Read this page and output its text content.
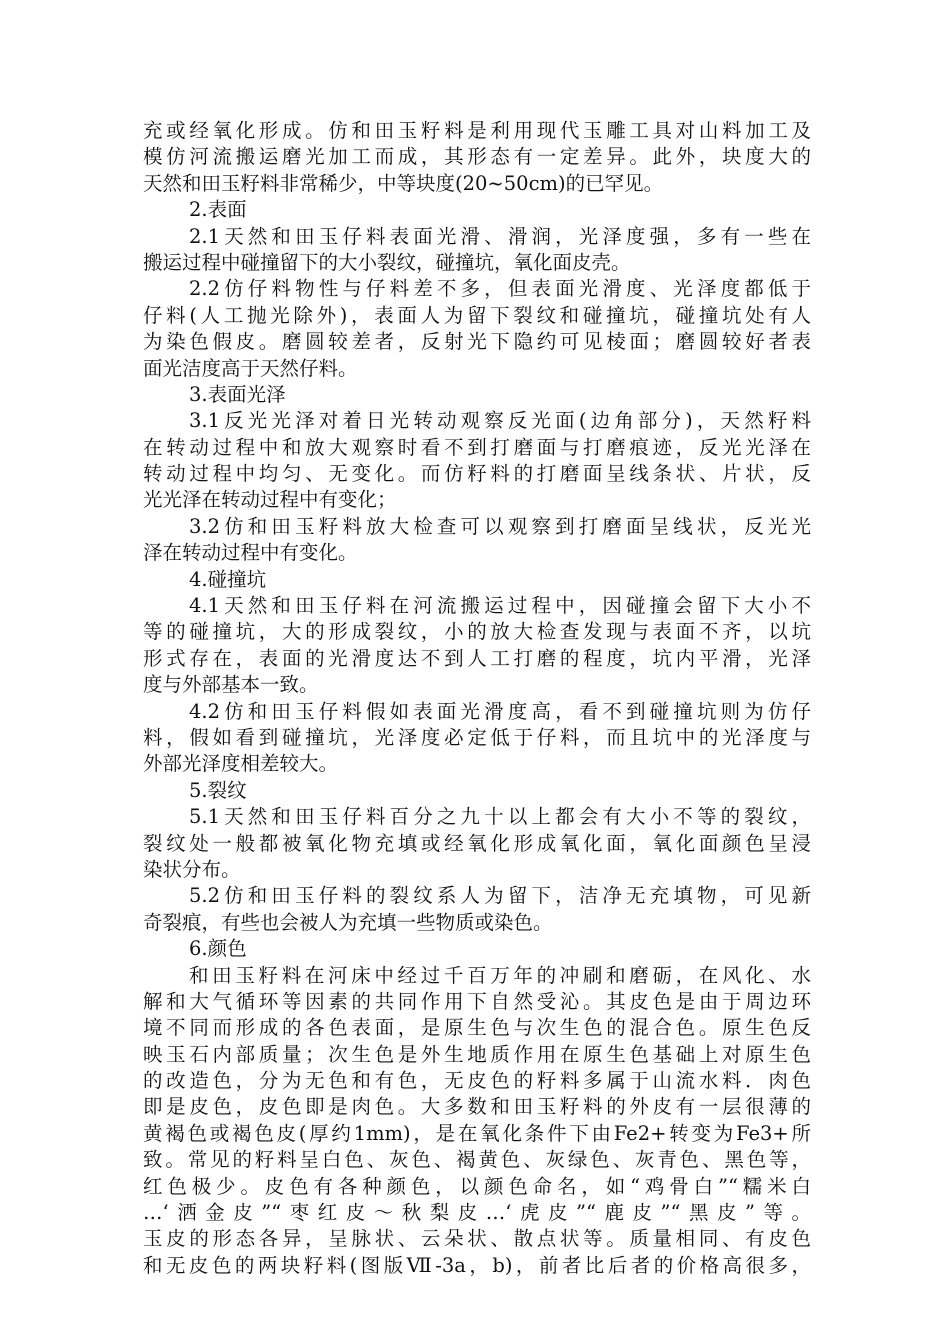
充或经氧化形成。仿和田玉籽料是利用现代玉雕工具对山料加工及
模仿河流搬运磨光加工而成，其形态有一定差异。此外，块度大的
天然和田玉籽料非常稀少，中等块度(20~50cm)的已罕见。
2.表面
2.1天然和田玉仔料表面光滑、滑润，光泽度强，多有一些在
搬运过程中碰撞留下的大小裂纹，碰撞坑，氧化面皮壳。
2.2仿仔料物性与仔料差不多，但表面光滑度、光泽度都低于
仔料(人工抛光除外)，表面人为留下裂纹和碰撞坑，碰撞坑处有人
为染色假皮。磨圆较差者，反射光下隐约可见棱面；磨圆较好者表
面光洁度高于天然仔料。
3.表面光泽
3.1反光光泽对着日光转动观察反光面(边角部分)，天然籽料
在转动过程中和放大观察时看不到打磨面与打磨痕迹，反光光泽在
转动过程中均匀、无变化。而仿籽料的打磨面呈线条状、片状，反
光光泽在转动过程中有变化；
3.2仿和田玉籽料放大检查可以观察到打磨面呈线状，反光光
泽在转动过程中有变化。
4.碰撞坑
4.1天然和田玉仔料在河流搬运过程中，因碰撞会留下大小不
等的碰撞坑，大的形成裂纹，小的放大检查发现与表面不齐，以坑
形式存在，表面的光滑度达不到人工打磨的程度，坑内平滑，光泽
度与外部基本一致。
4.2仿和田玉仔料假如表面光滑度高，看不到碰撞坑则为仿仔
料，假如看到碰撞坑，光泽度必定低于仔料，而且坑中的光泽度与
外部光泽度相差较大。
5.裂纹
5.1天然和田玉仔料百分之九十以上都会有大小不等的裂纹，
裂纹处一般都被氧化物充填或经氧化形成氧化面，氧化面颜色呈浸
染状分布。
5.2仿和田玉仔料的裂纹系人为留下，洁净无充填物，可见新
奇裂痕，有些也会被人为充填一些物质或染色。
6.颜色
和田玉籽料在河床中经过千百万年的冲刷和磨砺，在风化、水
解和大气循环等因素的共同作用下自然受沁。其皮色是由于周边环
境不同而形成的各色表面，是原生色与次生色的混合色。原生色反
映玉石内部质量；次生色是外生地质作用在原生色基础上对原生色
的改造色，分为无色和有色，无皮色的籽料多属于山流水料．肉色
即是皮色，皮色即是肉色。大多数和田玉籽料的外皮有一层很薄的
黄褐色或褐色皮(厚约1mm)，是在氧化条件下由Fe2+转变为Fe3+所
致。常见的籽料呈白色、灰色、褐黄色、灰绿色、灰青色、黑色等，
红色极少。皮色有各种颜色，以颜色命名，如“鸡骨白”“糯米白
…‘洒金皮”“枣红皮～秋梨皮…‘虎皮”“鹿皮”“黑皮”等。
玉皮的形态各异，呈脉状、云朵状、散点状等。质量相同、有皮色
和无皮色的两块籽料(图版Ⅶ-3a，b)，前者比后者的价格高很多，
